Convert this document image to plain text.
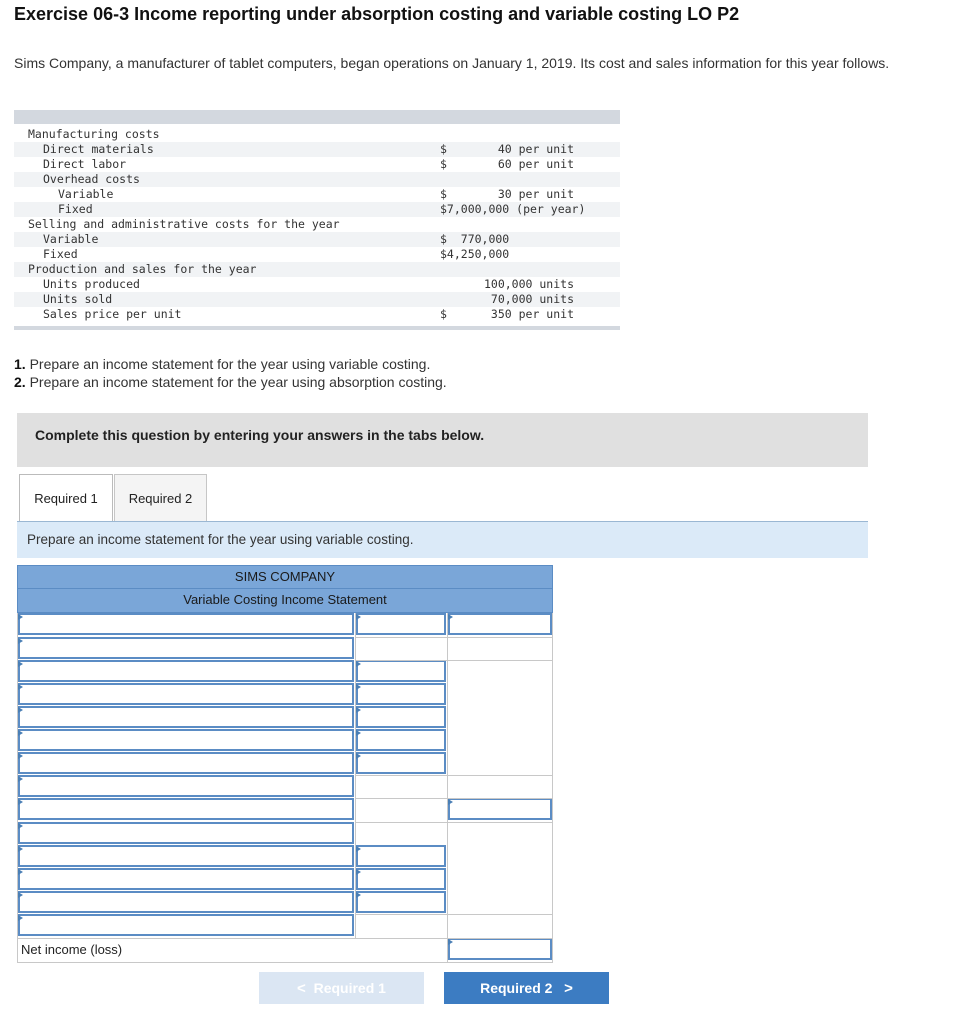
Exercise 06-3 Income reporting under absorption costing and variable costing LO P2

Sims Company, a manufacturer of tablet computers, began operations on January 1, 2019. Its cost and sales information for this year follows.

Manufacturing costs
Direct materials	$	40 per unit
Direct labor	$	60 per unit
Overhead costs
Variable	$	30 per unit
Fixed	$7,000,000 (per year)
Selling and administrative costs for the year
Variable	$  770,000
Fixed	$4,250,000
Production and sales for the year
Units produced	100,000 units
Units sold	70,000 units
Sales price per unit	$	350 per unit
1. Prepare an income statement for the year using variable costing.
2. Prepare an income statement for the year using absorption costing.
Complete this question by entering your answers in the tabs below.
Required 1	Required 2
Prepare an income statement for the year using variable costing.
SIMS COMPANY
Variable Costing Income Statement
Net income (loss)
< Required 1	Required 2 >
